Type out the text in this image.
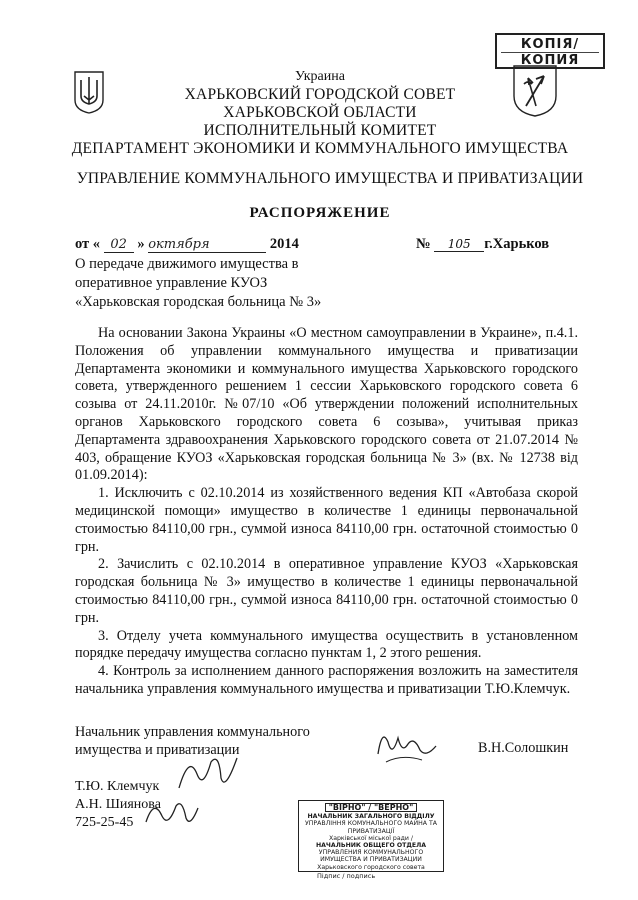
КОПІЯ/
КОПИЯ
Украина
ХАРЬКОВСКИЙ ГОРОДСКОЙ СОВЕТ
ХАРЬКОВСКОЙ ОБЛАСТИ
ИСПОЛНИТЕЛЬНЫЙ КОМИТЕТ
ДЕПАРТАМЕНТ ЭКОНОМИКИ И КОММУНАЛЬНОГО ИМУЩЕСТВА
УПРАВЛЕНИЕ КОММУНАЛЬНОГО ИМУЩЕСТВА И ПРИВАТИЗАЦИИ
РАСПОРЯЖЕНИЕ
от « 02 » октября	2014	№ 105 г.Харьков
О передаче движимого имущества в
оперативное управление КУОЗ
«Харьковская городская больница № 3»

На основании Закона Украины «О местном самоуправлении в Украине», п.4.1. Положения об управлении коммунального имущества и приватизации Департамента экономики и коммунального имущества Харьковского городского совета, утвержденного решением 1 сессии Харьковского городского совета 6 созыва от 24.11.2010г. №07/10 «Об утверждении положений исполнительных органов Харьковского городского совета 6 созыва», учитывая приказ Департамента здравоохранения Харьковского городского совета от 21.07.2014 № 403, обращение КУОЗ «Харьковская городская больница № 3» (вх. № 12738 від 01.09.2014):

1. Исключить с 02.10.2014 из хозяйственного ведения КП «Автобаза скорой медицинской помощи» имущество в количестве 1 единицы первоначальной стоимостью 84110,00 грн., суммой износа 84110,00 грн. остаточной стоимостью 0 грн.

2. Зачислить с 02.10.2014 в оперативное управление КУОЗ «Харьковская городская больница № 3» имущество в количестве 1 единицы первоначальной стоимостью 84110,00 грн., суммой износа 84110,00 грн. остаточной стоимостью 0 грн.

3. Отделу учета коммунального имущества осуществить в установленном порядке передачу имущества согласно пунктам 1, 2 этого решения.

4. Контроль за исполнением данного распоряжения возложить на заместителя начальника управления коммунального имущества и приватизации Т.Ю.Клемчук.

Начальник управления коммунального
имущества и приватизации	В.Н.Солошкин
Т.Ю. Клемчук
А.Н. Шиянова
725-25-45
"ВІРНО" / "ВЕРНО"
НАЧАЛЬНИК ЗАГАЛЬНОГО ВІДДІЛУ
УПРАВЛІННЯ КОМУНАЛЬНОГО МАЙНА ТА ПРИВАТИЗАЦІЇ
Харківської міської ради /
НАЧАЛЬНИК ОБЩЕГО ОТДЕЛА
УПРАВЛЕНИЯ КОММУНАЛЬНОГО ИМУЩЕСТВА И ПРИВАТИЗАЦИИ
Харьковского городского совета
Підпис / подпись
